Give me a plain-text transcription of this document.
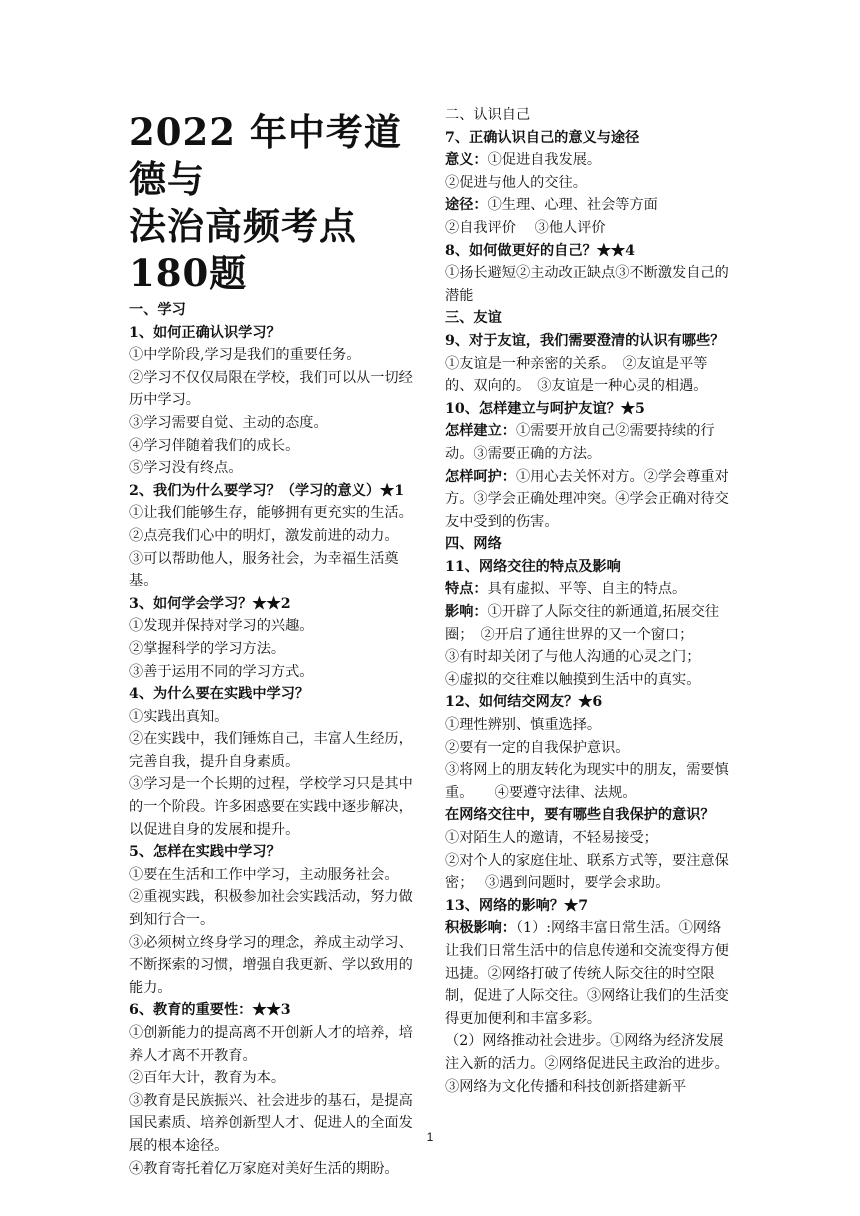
2022 年中考道德与
法治高频考点180题
一、学习
1、如何正确认识学习？
①中学阶段,学习是我们的重要任务。
②学习不仅仅局限在学校，我们可以从一切经历中学习。
③学习需要自觉、主动的态度。
④学习伴随着我们的成长。
⑤学习没有终点。
2、我们为什么要学习？（学习的意义）★1
①让我们能够生存，能够拥有更充实的生活。
②点亮我们心中的明灯，激发前进的动力。
③可以帮助他人，服务社会，为幸福生活奠基。
3、如何学会学习？★★2
①发现并保持对学习的兴趣。
②掌握科学的学习方法。
③善于运用不同的学习方式。
4、为什么要在实践中学习？
①实践出真知。
②在实践中，我们锤炼自己，丰富人生经历，完善自我，提升自身素质。
③学习是一个长期的过程，学校学习只是其中的一个阶段。许多困惑要在实践中逐步解决，以促进自身的发展和提升。
5、怎样在实践中学习？
①要在生活和工作中学习，主动服务社会。
②重视实践，积极参加社会实践活动，努力做到知行合一。
③必须树立终身学习的理念，养成主动学习、不断探索的习惯，增强自我更新、学以致用的能力。
6、教育的重要性：★★3
①创新能力的提高离不开创新人才的培养，培养人才离不开教育。
②百年大计，教育为本。
③教育是民族振兴、社会进步的基石，是提高国民素质、培养创新型人才、促进人的全面发展的根本途径。
④教育寄托着亿万家庭对美好生活的期盼。
二、认识自己
7、正确认识自己的意义与途径
意义：①促进自我发展。
②促进与他人的交往。
途径：①生理、心理、社会等方面
②自我评价　 ③他人评价
8、如何做更好的自己？★★4
①扬长避短②主动改正缺点③不断激发自己的潜能
三、友谊
9、对于友谊，我们需要澄清的认识有哪些？
①友谊是一种亲密的关系。　②友谊是平等的、双向的。　③友谊是一种心灵的相遇。
10、怎样建立与呵护友谊？★5
怎样建立：①需要开放自己②需要持续的行动。③需要正确的方法。
怎样呵护：①用心去关怀对方。②学会尊重对方。③学会正确处理冲突。④学会正确对待交友中受到的伤害。
四、网络
11、网络交往的特点及影响
特点：具有虚拟、平等、自主的特点。
影响：①开辟了人际交往的新通道,拓展交往圈；　②开启了通往世界的又一个窗口；
③有时却关闭了与他人沟通的心灵之门；
④虚拟的交往难以触摸到生活中的真实。
12、如何结交网友？★6
①理性辨别、慎重选择。
②要有一定的自我保护意识。
③将网上的朋友转化为现实中的朋友，需要慎重。　　④要遵守法律、法规。
在网络交往中，要有哪些自我保护的意识？
①对陌生人的邀请，不轻易接受；
②对个人的家庭住址、联系方式等，要注意保密；　 ③遇到问题时，要学会求助。
13、网络的影响？★7
积极影响：（1）:网络丰富日常生活。①网络让我们日常生活中的信息传递和交流变得方便迅捷。②网络打破了传统人际交往的时空限制，促进了人际交往。③网络让我们的生活变得更加便利和丰富多彩。
（2）网络推动社会进步。①网络为经济发展注入新的活力。②网络促进民主政治的进步。③网络为文化传播和科技创新搭建新平
1
